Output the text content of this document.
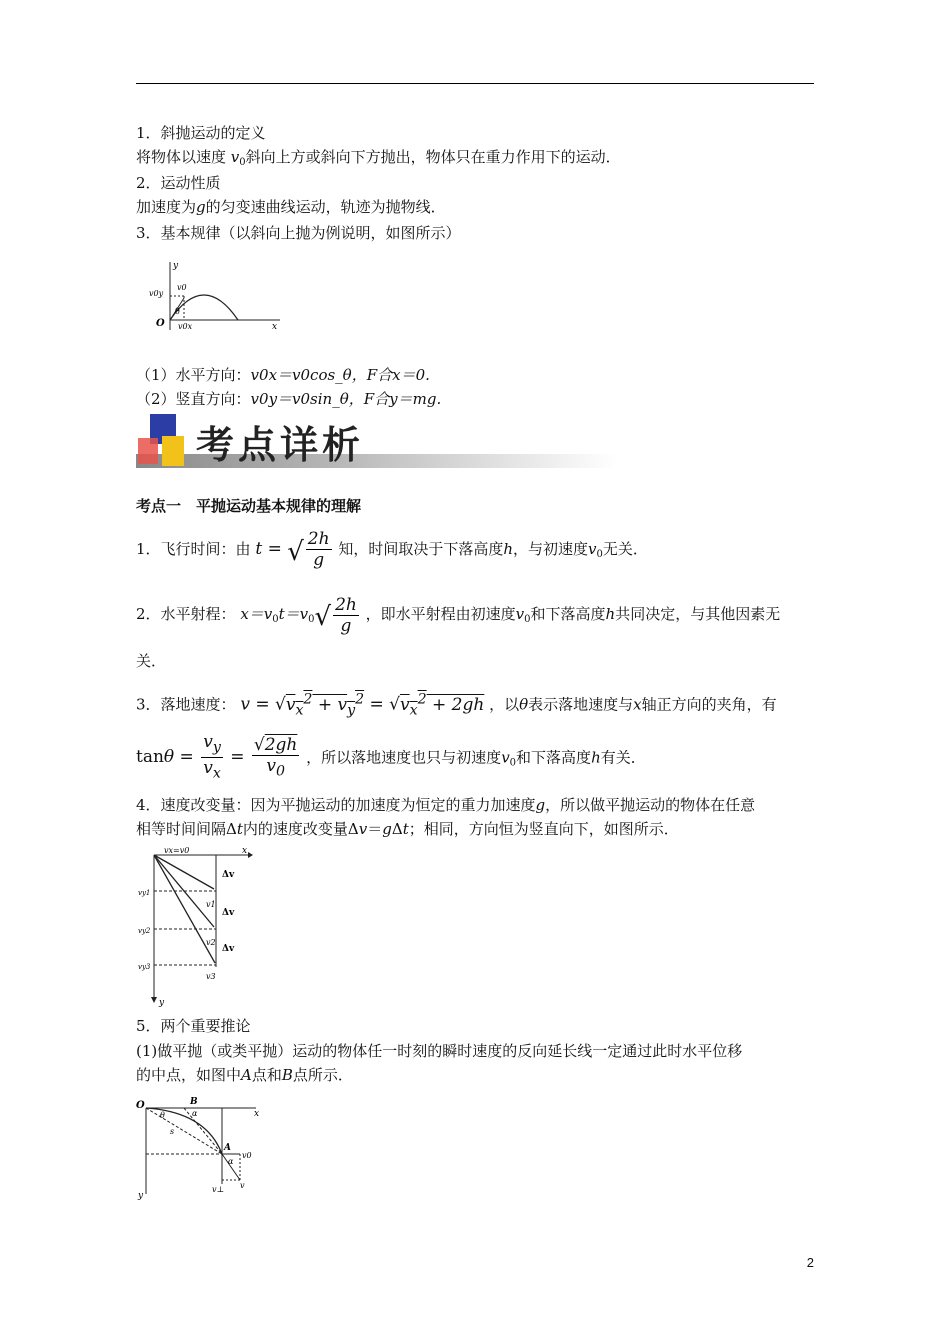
1．斜抛运动的定义
将物体以速度 $v_0$斜向上方或斜向下方抛出，物体只在重力作用下的运动．
2．运动性质
加速度为g的匀变速曲线运动，轨迹为抛物线．
3．基本规律（以斜向上抛为例说明，如图所示）
y
v0
v0y
θ
O v0x	x
（1）水平方向：v0x＝v0cos_θ，F合x＝0.
（2）竖直方向：v0y＝v0sin_θ，F合y＝mg.
考点详析
考点一　平抛运动基本规律的理解
1．飞行时间：由 t = √ $\frac{2h}{g}$ 知，时间取决于下落高度h，与初速度$v_0$无关．
2．水平射程： $x=v_0t=v_0√ \frac{2h}{g}$ ，即水平射程由初速度$v_0$和下落高度h共同决定，与其他因素无
关．
3．落地速度： $v = √v_x^2 + v_y^2 = √v_x^2 + 2gh$ ，以θ表示落地速度与x轴正方向的夹角，有
$\tan\theta = \frac{v_y}{v_x} = \frac{√2gh}{v_0}$ ，所以落地速度也只与初速度$v_0$和下落高度h有关．
4．速度改变量：因为平抛运动的加速度为恒定的重力加速度g，所以做平抛运动的物体在任意
相等时间间隔Δt内的速度改变量Δv＝gΔt；相同，方向恒为竖直向下，如图所示．
vx=v0	x
Δv
Δv
Δv
vy1
vy2
vy3
v1
v2
v3
y
5．两个重要推论
(1)做平抛（或类平抛）运动的物体任一时刻的瞬时速度的反向延长线一定通过此时水平位移
的中点，如图中A点和B点所示．
O
θ
B
α	x
s
A
α
v0
v⊥ v
y
2
